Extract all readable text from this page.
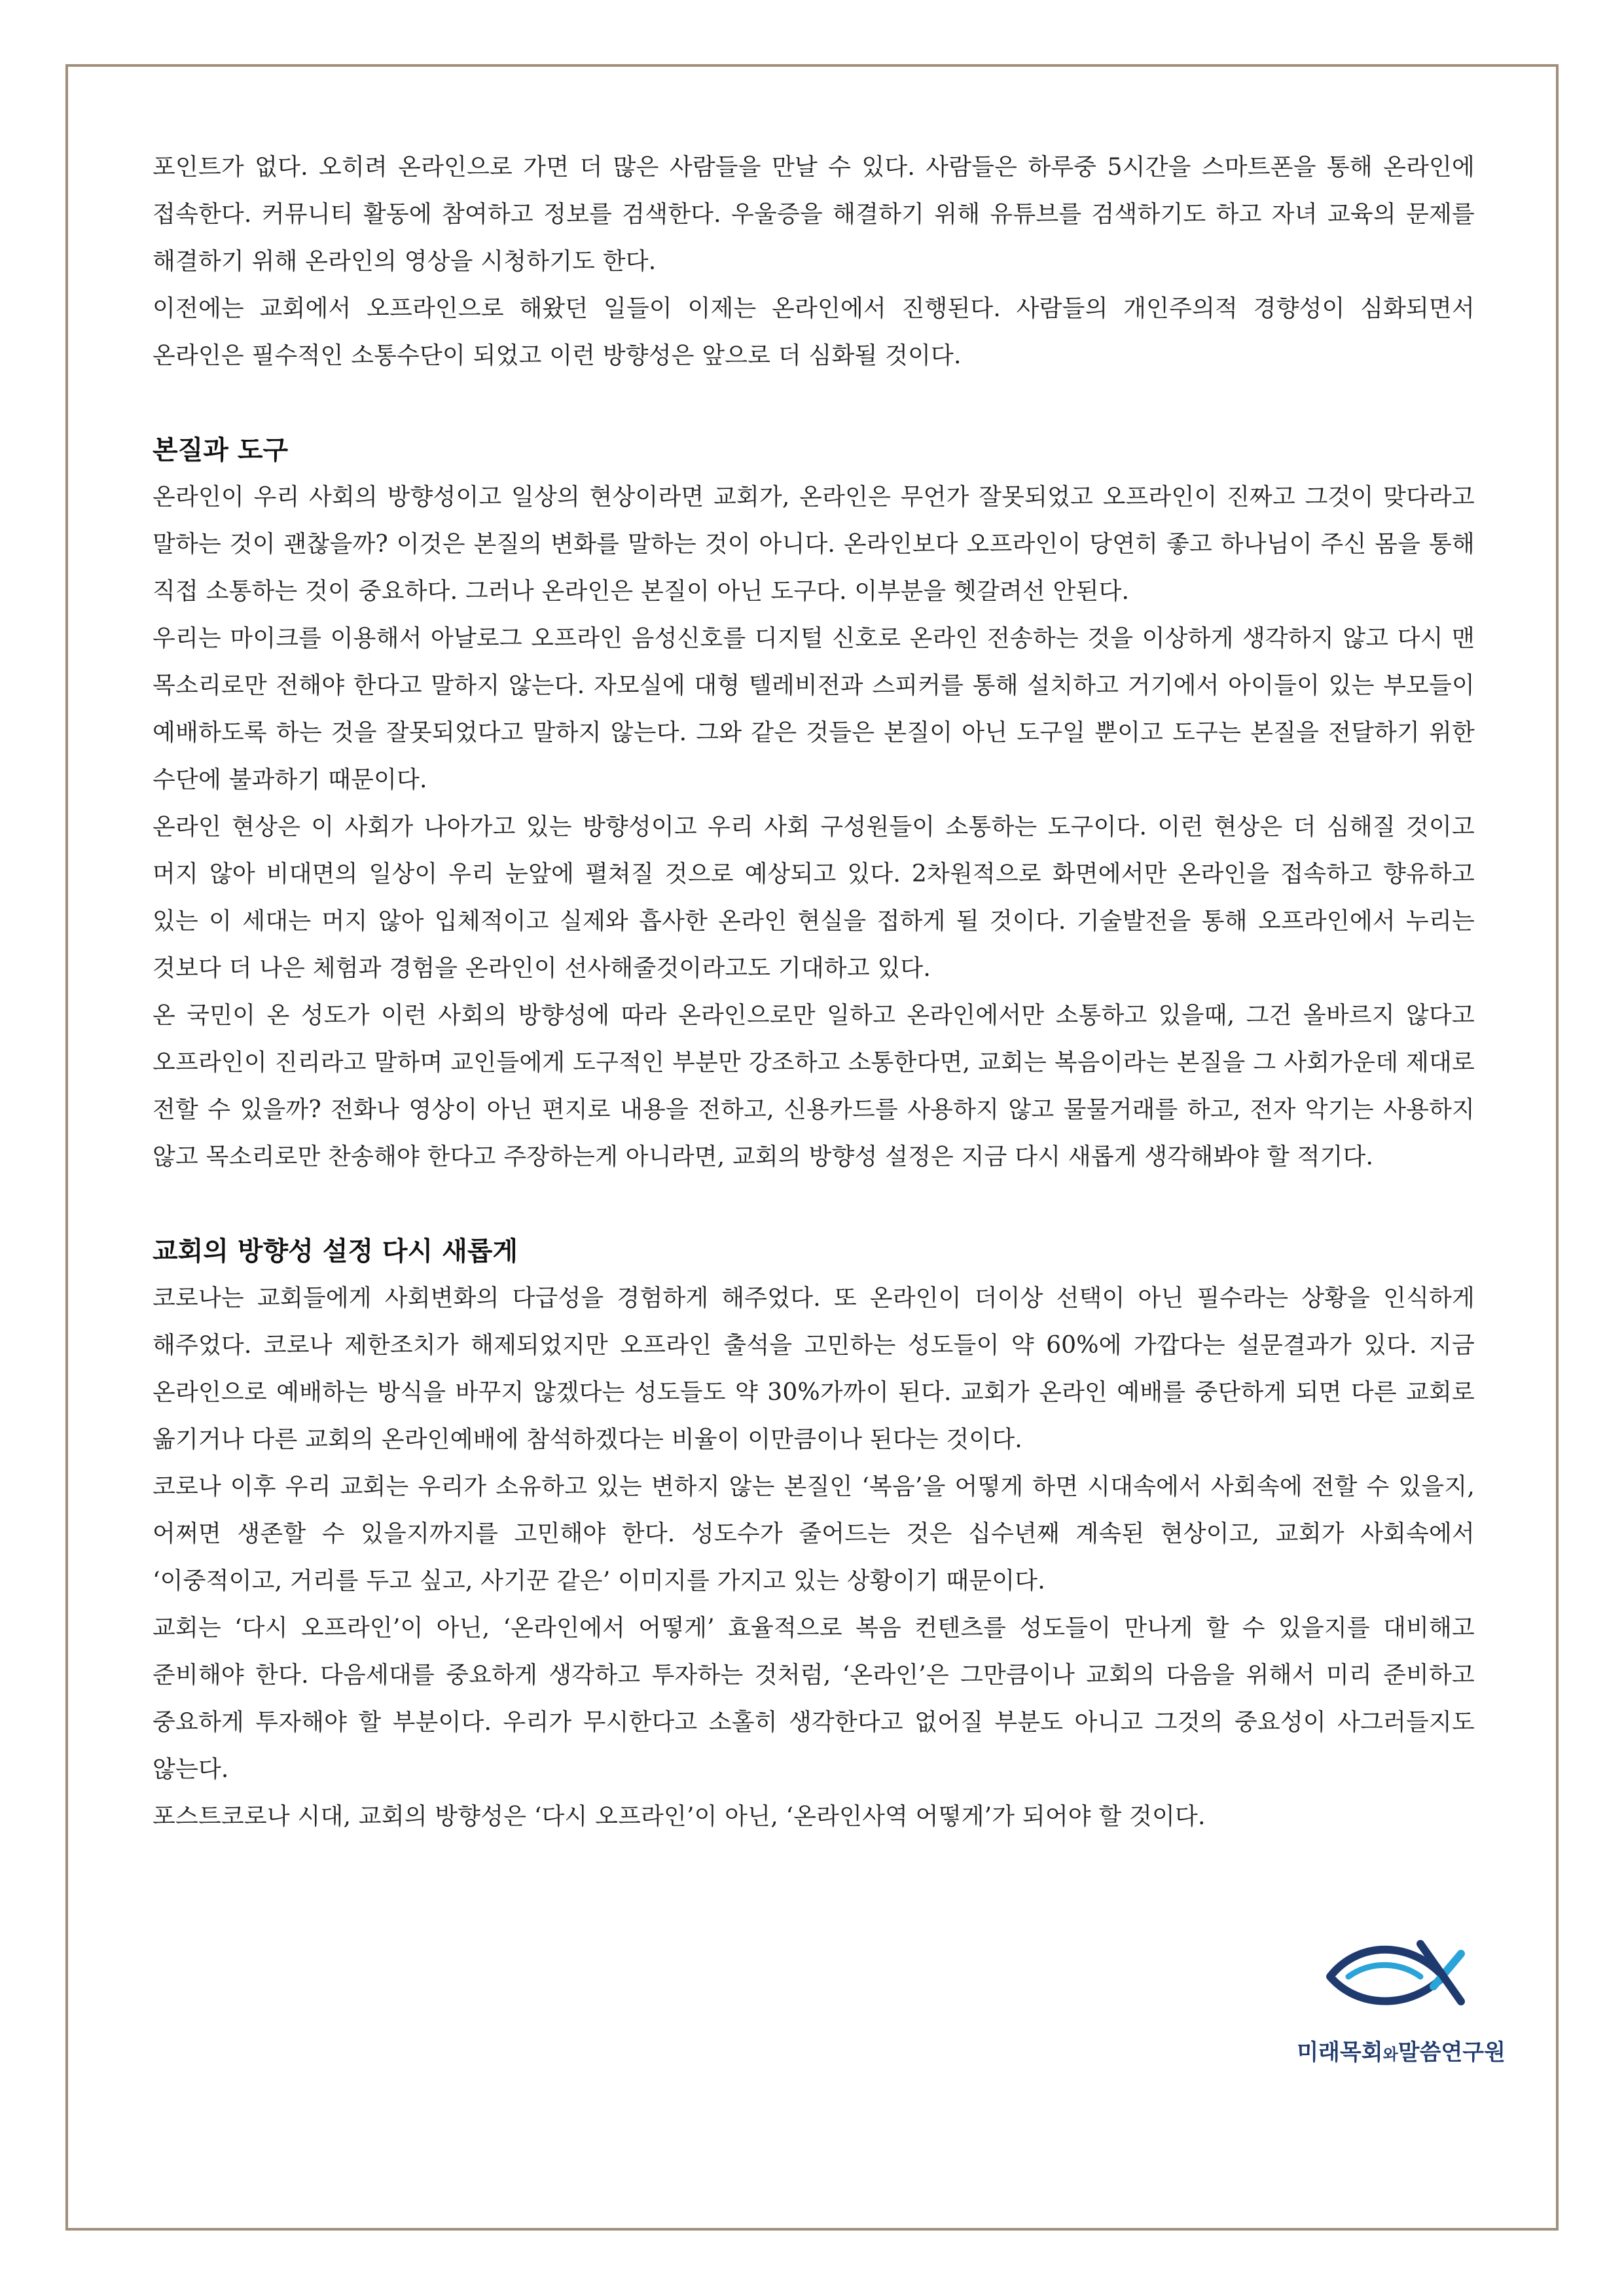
포인트가 없다. 오히려 온라인으로 가면 더 많은 사람들을 만날 수 있다. 사람들은 하루중 5시간을 스마트폰을 통해 온라인에 접속한다. 커뮤니티 활동에 참여하고 정보를 검색한다. 우울증을 해결하기 위해 유튜브를 검색하기도 하고 자녀 교육의 문제를 해결하기 위해 온라인의 영상을 시청하기도 한다.

이전에는 교회에서 오프라인으로 해왔던 일들이 이제는 온라인에서 진행된다. 사람들의 개인주의적 경향성이 심화되면서 온라인은 필수적인 소통수단이 되었고 이런 방향성은 앞으로 더 심화될 것이다.

본질과 도구

온라인이 우리 사회의 방향성이고 일상의 현상이라면 교회가, 온라인은 무언가 잘못되었고 오프라인이 진짜고 그것이 맞다라고 말하는 것이 괜찮을까? 이것은 본질의 변화를 말하는 것이 아니다. 온라인보다 오프라인이 당연히 좋고 하나님이 주신 몸을 통해 직접 소통하는 것이 중요하다. 그러나 온라인은 본질이 아닌 도구다. 이부분을 헷갈려선 안된다.

우리는 마이크를 이용해서 아날로그 오프라인 음성신호를 디지털 신호로 온라인 전송하는 것을 이상하게 생각하지 않고 다시 맨 목소리로만 전해야 한다고 말하지 않는다. 자모실에 대형 텔레비전과 스피커를 통해 설치하고 거기에서 아이들이 있는 부모들이 예배하도록 하는 것을 잘못되었다고 말하지 않는다. 그와 같은 것들은 본질이 아닌 도구일 뿐이고 도구는 본질을 전달하기 위한 수단에 불과하기 때문이다.

온라인 현상은 이 사회가 나아가고 있는 방향성이고 우리 사회 구성원들이 소통하는 도구이다. 이런 현상은 더 심해질 것이고 머지 않아 비대면의 일상이 우리 눈앞에 펼쳐질 것으로 예상되고 있다. 2차원적으로 화면에서만 온라인을 접속하고 향유하고 있는 이 세대는 머지 않아 입체적이고 실제와 흡사한 온라인 현실을 접하게 될 것이다. 기술발전을 통해 오프라인에서 누리는 것보다 더 나은 체험과 경험을 온라인이 선사해줄것이라고도 기대하고 있다.

온 국민이 온 성도가 이런 사회의 방향성에 따라 온라인으로만 일하고 온라인에서만 소통하고 있을때, 그건 올바르지 않다고 오프라인이 진리라고 말하며 교인들에게 도구적인 부분만 강조하고 소통한다면, 교회는 복음이라는 본질을 그 사회가운데 제대로 전할 수 있을까? 전화나 영상이 아닌 편지로 내용을 전하고, 신용카드를 사용하지 않고 물물거래를 하고, 전자 악기는 사용하지 않고 목소리로만 찬송해야 한다고 주장하는게 아니라면, 교회의 방향성 설정은 지금 다시 새롭게 생각해봐야 할 적기다.

교회의 방향성 설정 다시 새롭게

코로나는 교회들에게 사회변화의 다급성을 경험하게 해주었다. 또 온라인이 더이상 선택이 아닌 필수라는 상황을 인식하게 해주었다. 코로나 제한조치가 해제되었지만 오프라인 출석을 고민하는 성도들이 약 60%에 가깝다는 설문결과가 있다. 지금 온라인으로 예배하는 방식을 바꾸지 않겠다는 성도들도 약 30%가까이 된다. 교회가 온라인 예배를 중단하게 되면 다른 교회로 옮기거나 다른 교회의 온라인예배에 참석하겠다는 비율이 이만큼이나 된다는 것이다.

코로나 이후 우리 교회는 우리가 소유하고 있는 변하지 않는 본질인 ‘복음’을 어떻게 하면 시대속에서 사회속에 전할 수 있을지, 어쩌면 생존할 수 있을지까지를 고민해야 한다. 성도수가 줄어드는 것은 십수년째 계속된 현상이고, 교회가 사회속에서 ‘이중적이고, 거리를 두고 싶고, 사기꾼 같은’ 이미지를 가지고 있는 상황이기 때문이다.

교회는 ‘다시 오프라인’이 아닌, ‘온라인에서 어떻게’ 효율적으로 복음 컨텐츠를 성도들이 만나게 할 수 있을지를 대비해고 준비해야 한다. 다음세대를 중요하게 생각하고 투자하는 것처럼, ‘온라인’은 그만큼이나 교회의 다음을 위해서 미리 준비하고 중요하게 투자해야 할 부분이다. 우리가 무시한다고 소홀히 생각한다고 없어질 부분도 아니고 그것의 중요성이 사그러들지도 않는다.

포스트코로나 시대, 교회의 방향성은 ‘다시 오프라인’이 아닌, ‘온라인사역 어떻게’가 되어야 할 것이다.

미래목회와말씀연구원
